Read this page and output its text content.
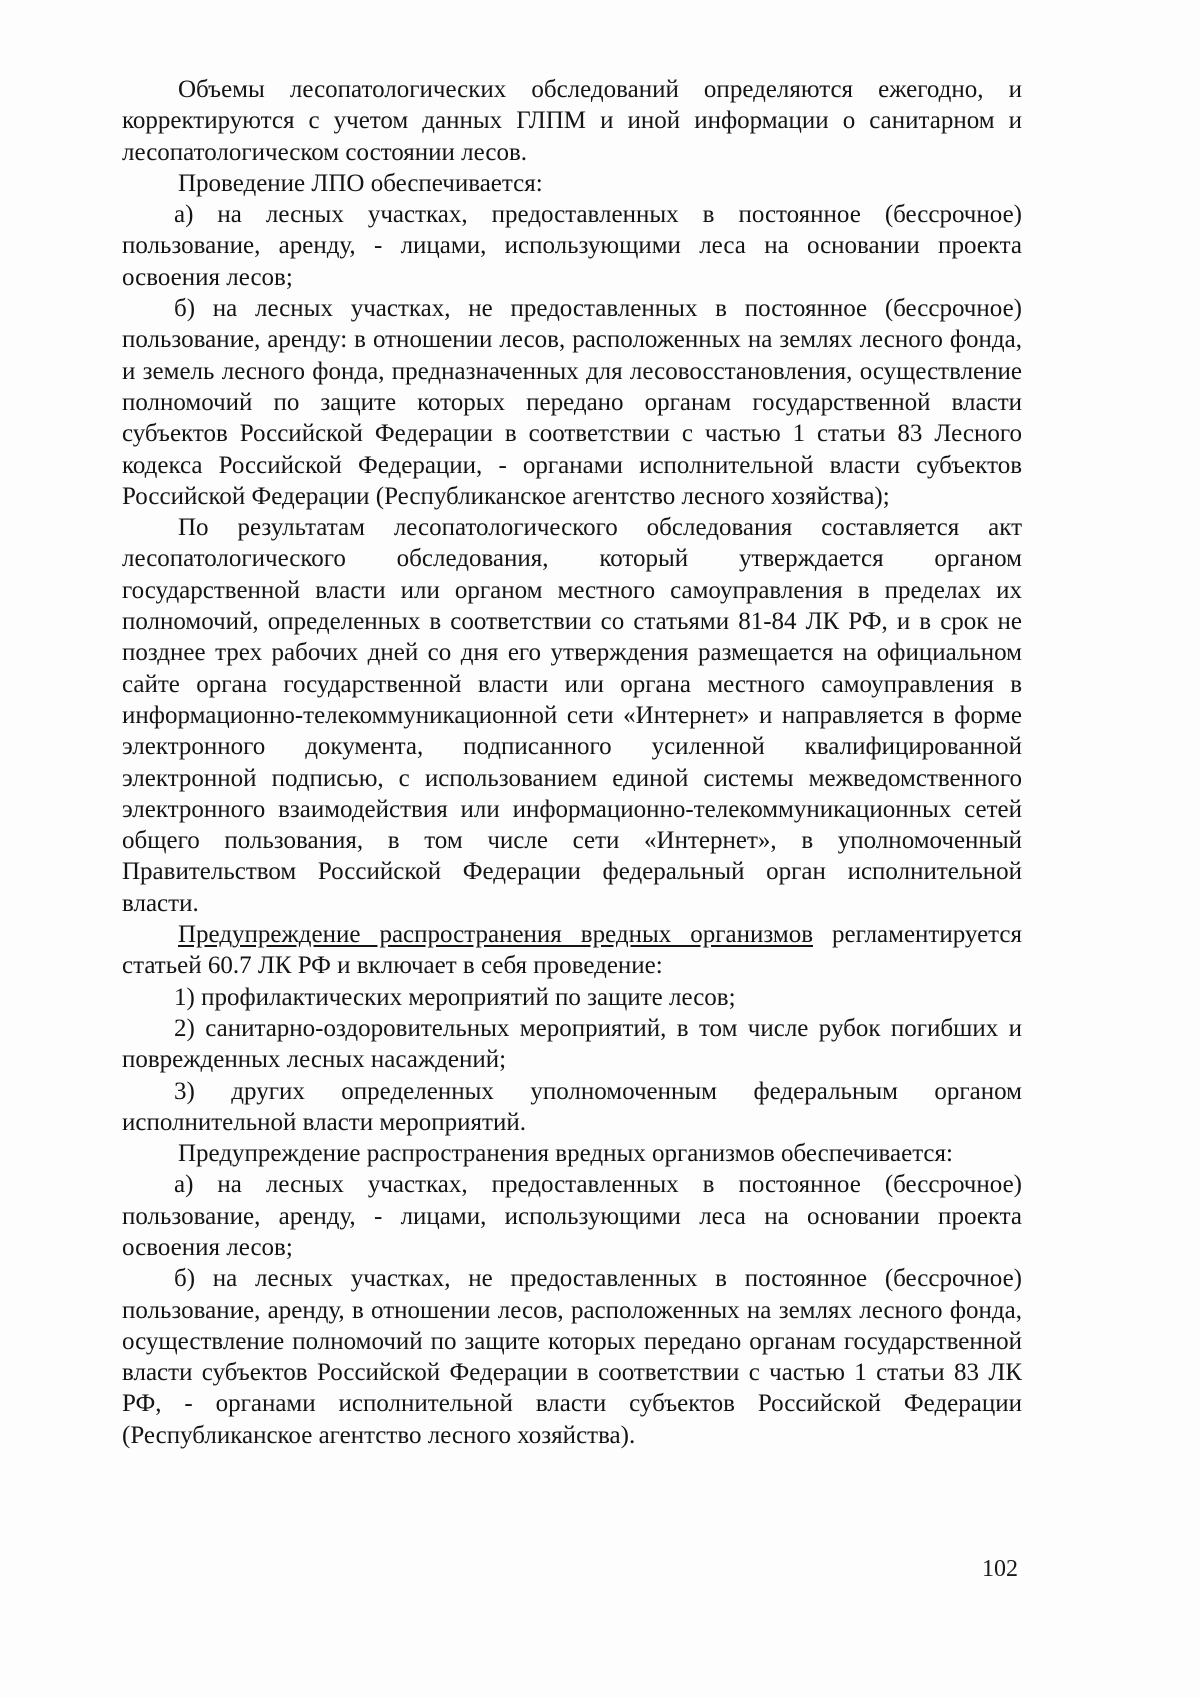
Объемы лесопатологических обследований определяются ежегодно, и корректируются с учетом данных ГЛПМ и иной информации о санитарном и лесопатологическом состоянии лесов.

Проведение ЛПО обеспечивается:

а) на лесных участках, предоставленных в постоянное (бессрочное) пользование, аренду, - лицами, использующими леса на основании проекта освоения лесов;

б) на лесных участках, не предоставленных в постоянное (бессрочное) пользование, аренду: в отношении лесов, расположенных на землях лесного фонда, и земель лесного фонда, предназначенных для лесовосстановления, осуществление полномочий по защите которых передано органам государственной власти субъектов Российской Федерации в соответствии с частью 1 статьи 83 Лесного кодекса Российской Федерации, - органами исполнительной власти субъектов Российской Федерации (Республиканское агентство лесного хозяйства);

По результатам лесопатологического обследования составляется акт лесопатологического обследования, который утверждается органом государственной власти или органом местного самоуправления в пределах их полномочий, определенных в соответствии со статьями 81-84 ЛК РФ, и в срок не позднее трех рабочих дней со дня его утверждения размещается на официальном сайте органа государственной власти или органа местного самоуправления в информационно-телекоммуникационной сети «Интернет» и направляется в форме электронного документа, подписанного усиленной квалифицированной электронной подписью, с использованием единой системы межведомственного электронного взаимодействия или информационно-телекоммуникационных сетей общего пользования, в том числе сети «Интернет», в уполномоченный Правительством Российской Федерации федеральный орган исполнительной власти.

Предупреждение распространения вредных организмов регламентируется статьей 60.7 ЛК РФ и включает в себя проведение:

1) профилактических мероприятий по защите лесов;

2) санитарно-оздоровительных мероприятий, в том числе рубок погибших и поврежденных лесных насаждений;

3) других определенных уполномоченным федеральным органом исполнительной власти мероприятий.

Предупреждение распространения вредных организмов обеспечивается:

а) на лесных участках, предоставленных в постоянное (бессрочное) пользование, аренду, - лицами, использующими леса на основании проекта освоения лесов;

б) на лесных участках, не предоставленных в постоянное (бессрочное) пользование, аренду, в отношении лесов, расположенных на землях лесного фонда, осуществление полномочий по защите которых передано органам государственной власти субъектов Российской Федерации в соответствии с частью 1 статьи 83 ЛК РФ, - органами исполнительной власти субъектов Российской Федерации (Республиканское агентство лесного хозяйства).

102
